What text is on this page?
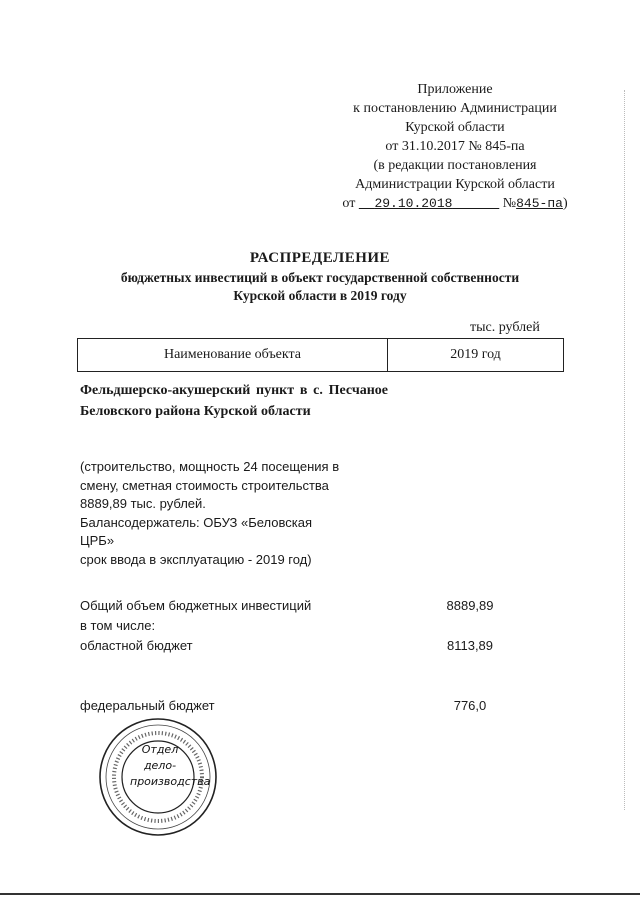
Приложение
к постановлению Администрации
Курской области
от 31.10.2017 № 845-па
(в редакции постановления
Администрации Курской области
от 29.10.2018	№845-па)
РАСПРЕДЕЛЕНИЕ
бюджетных инвестиций в объект государственной собственности
Курской области в 2019 году
тыс. рублей
Наименование объекта	2019 год
Фельдшерско-акушерский пункт в с. Песчаное Беловского района Курской области
(строительство, мощность 24 посещения в
смену, сметная стоимость строительства
8889,89 тыс. рублей.
Балансодержатель: ОБУЗ «Беловская
ЦРБ»
срок ввода в эксплуатацию - 2019 год)
Общий объем бюджетных инвестиций	8889,89
в том числе:
областной бюджет	8113,89
федеральный бюджет	776,0
Отдел
дело-
производства
